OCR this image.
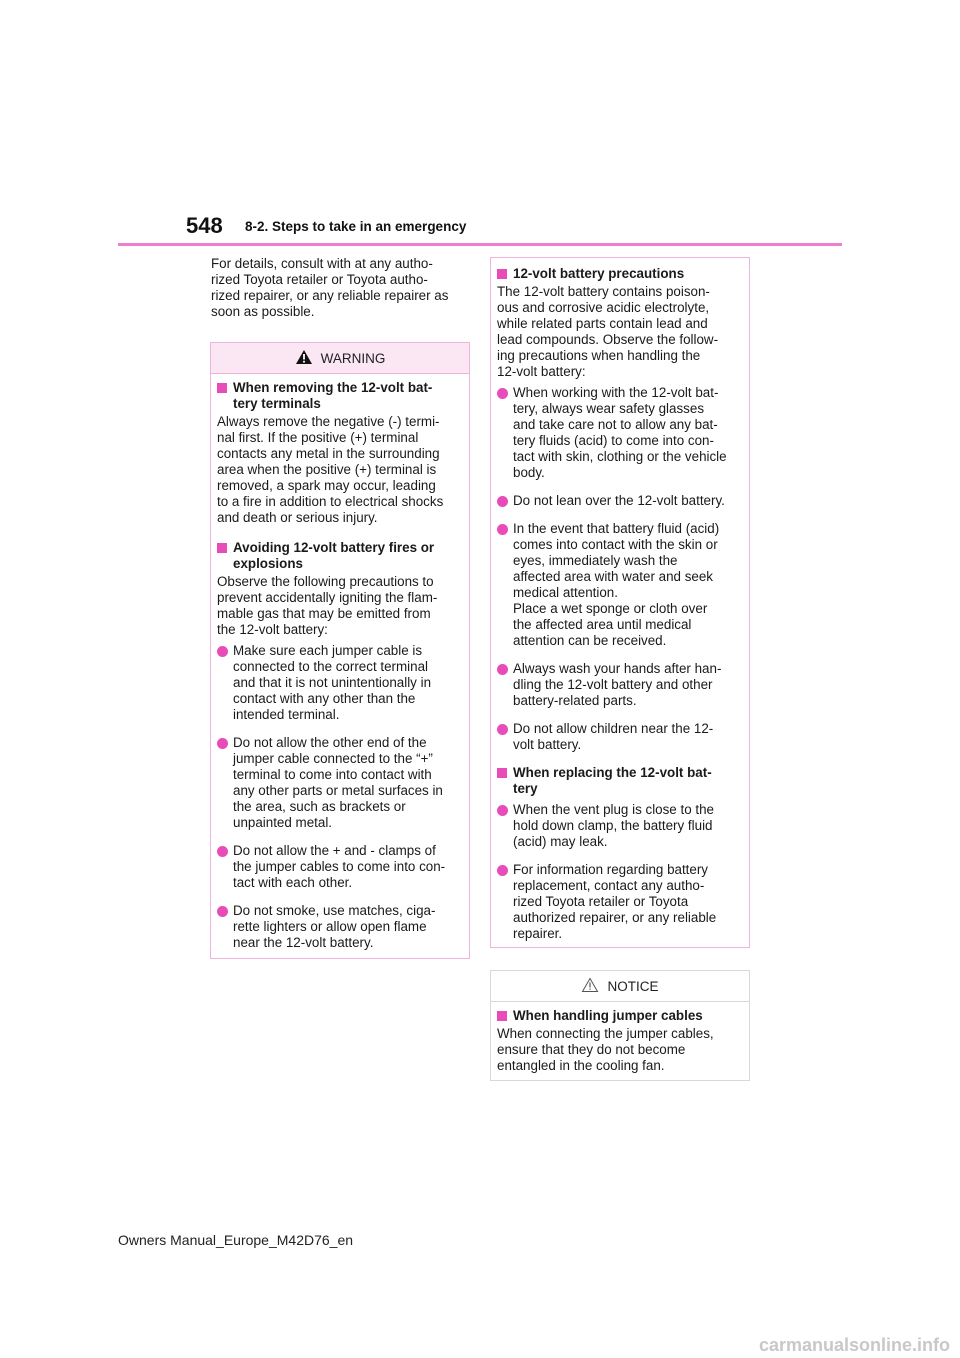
548 8-2. Steps to take in an emergency

For details, consult with at any autho-
rized Toyota retailer or Toyota autho-
rized repairer, or any reliable repairer as
soon as possible.

WARNING
When removing the 12-volt bat-
tery terminals

Always remove the negative (-) termi-
nal first. If the positive (+) terminal
contacts any metal in the surrounding
area when the positive (+) terminal is
removed, a spark may occur, leading
to a fire in addition to electrical shocks
and death or serious injury.

Avoiding 12-volt battery fires or
explosions

Observe the following precautions to
prevent accidentally igniting the flam-
mable gas that may be emitted from
the 12-volt battery:

Make sure each jumper cable is
connected to the correct terminal
and that it is not unintentionally in
contact with any other than the
intended terminal.
Do not allow the other end of the
jumper cable connected to the “+”
terminal to come into contact with
any other parts or metal surfaces in
the area, such as brackets or
unpainted metal.
Do not allow the + and - clamps of
the jumper cables to come into con-
tact with each other.
Do not smoke, use matches, ciga-
rette lighters or allow open flame
near the 12-volt battery.
12-volt battery precautions

The 12-volt battery contains poison-
ous and corrosive acidic electrolyte,
while related parts contain lead and
lead compounds. Observe the follow-
ing precautions when handling the
12-volt battery:

When working with the 12-volt bat-
tery, always wear safety glasses
and take care not to allow any bat-
tery fluids (acid) to come into con-
tact with skin, clothing or the vehicle
body.
Do not lean over the 12-volt battery.
In the event that battery fluid (acid)
comes into contact with the skin or
eyes, immediately wash the
affected area with water and seek
medical attention.
Place a wet sponge or cloth over
the affected area until medical
attention can be received.
Always wash your hands after han-
dling the 12-volt battery and other
battery-related parts.
Do not allow children near the 12-
volt battery.
When replacing the 12-volt bat-
tery
When the vent plug is close to the
hold down clamp, the battery fluid
(acid) may leak.
For information regarding battery
replacement, contact any autho-
rized Toyota retailer or Toyota
authorized repairer, or any reliable
repairer.
NOTICE
When handling jumper cables

When connecting the jumper cables,
ensure that they do not become
entangled in the cooling fan.

Owners Manual_Europe_M42D76_en
carmanualsonline.info
